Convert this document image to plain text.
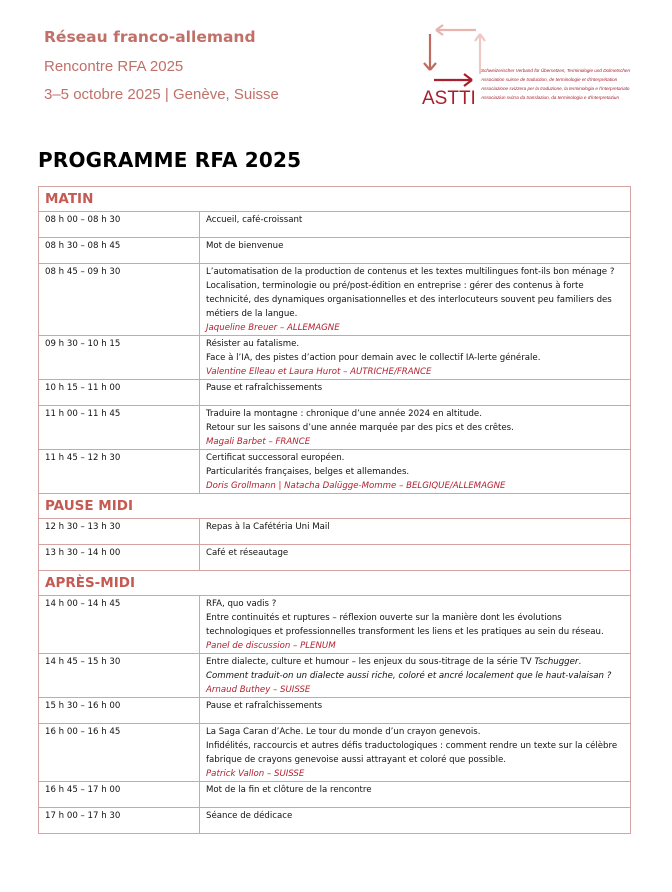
Réseau franco-allemand
Rencontre RFA 2025
3–5 octobre 2025 | Genève, Suisse	ASTTI
Schweizerischer Verband für Übersetzen, Terminologie und Dolmetschen
Association suisse de traduction, de terminologie et d'interprétation
Associazione svizzera per la traduzione, la terminologia e l'interpretariato
Associaziun svizra da translaziun, da terminologia e d'interpretaziun
PROGRAMME RFA 2025
MATIN	
08 h 00 – 08 h 30	Accueil, café-croissant

08 h 30 – 08 h 45	Mot de bienvenue

08 h 45 – 09 h 30	L’automatisation de la production de contenus et les textes multilingues font-ils bon ménage ?
Localisation, terminologie ou pré/post-édition en entreprise : gérer des contenus à forte technicité, des dynamiques organisationnelles et des interlocuteurs souvent peu familiers des métiers de la langue.
Jaqueline Breuer – ALLEMAGNE

09 h 30 – 10 h 15	Résister au fatalisme.
Face à l’IA, des pistes d’action pour demain avec le collectif IA-lerte générale.
Valentine Elleau et Laura Hurot – AUTRICHE/FRANCE

10 h 15 – 11 h 00	Pause et rafraîchissements

11 h 00 – 11 h 45	Traduire la montagne : chronique d’une année 2024 en altitude.
Retour sur les saisons d’une année marquée par des pics et des crêtes.
Magali Barbet – FRANCE

11 h 45 – 12 h 30	Certificat successoral européen.
Particularités françaises, belges et allemandes.
Doris Grollmann | Natacha Dalügge-Momme – BELGIQUE/ALLEMAGNE

PAUSE MIDI	
12 h 30 – 13 h 30	Repas à la Cafétéria Uni Mail

13 h 30 – 14 h 00	Café et réseautage

APRÈS-MIDI	
14 h 00 – 14 h 45	RFA, quo vadis ?
Entre continuités et ruptures – réflexion ouverte sur la manière dont les évolutions technologiques et professionnelles transforment les liens et les pratiques au sein du réseau.
Panel de discussion – PLENUM

14 h 45 – 15 h 30	Entre dialecte, culture et humour – les enjeux du sous-titrage de la série TV Tschugger.
Comment traduit-on un dialecte aussi riche, coloré et ancré localement que le haut-valaisan ?
Arnaud Buthey – SUISSE

15 h 30 – 16 h 00	Pause et rafraîchissements

16 h 00 – 16 h 45	La Saga Caran d’Ache. Le tour du monde d’un crayon genevois.
Infidélités, raccourcis et autres défis traductologiques : comment rendre un texte sur la célèbre fabrique de crayons genevoise aussi attrayant et coloré que possible.
Patrick Vallon – SUISSE

16 h 45 – 17 h 00	Mot de la fin et clôture de la rencontre

17 h 00 – 17 h 30	Séance de dédicace
